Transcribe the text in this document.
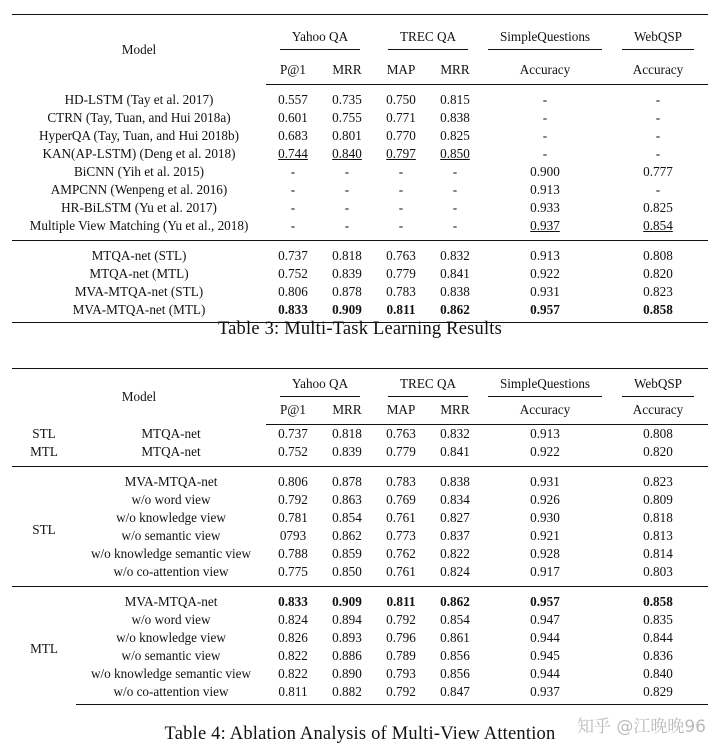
Model	Yahoo QA		TREC QA		SimpleQuestions	WebQSP
	P@1	MRR	MAP	MRR	Accuracy	Accuracy
HD-LSTM (Tay et al. 2017)	0.557	0.735	0.750	0.815	-	-
CTRN (Tay, Tuan, and Hui 2018a)	0.601	0.755	0.771	0.838	-	-
HyperQA (Tay, Tuan, and Hui 2018b)	0.683	0.801	0.770	0.825	-	-
KAN(AP-LSTM) (Deng et al. 2018)	0.744	0.840	0.797	0.850	-	-
BiCNN (Yih et al. 2015)	-	-	-	-	0.900	0.777
AMPCNN (Wenpeng et al. 2016)	-	-	-	-	0.913	-
HR-BiLSTM (Yu et al. 2017)	-	-	-	-	0.933	0.825
Multiple View Matching (Yu et al., 2018)	-	-	-	-	0.937	0.854
MTQA-net (STL)	0.737	0.818	0.763	0.832	0.913	0.808
MTQA-net (MTL)	0.752	0.839	0.779	0.841	0.922	0.820
MVA-MTQA-net (STL)	0.806	0.878	0.783	0.838	0.931	0.823
MVA-MTQA-net (MTL)	0.833	0.909	0.811	0.862	0.957	0.858
Table 3: Multi-Task Learning Results
Model		Yahoo QA		TREC QA		SimpleQuestions	WebQSP
		P@1	MRR	MAP	MRR	Accuracy	Accuracy
STL	MTQA-net	0.737	0.818	0.763	0.832	0.913	0.808
MTL	MTQA-net	0.752	0.839	0.779	0.841	0.922	0.820
STL	MVA-MTQA-net	0.806	0.878	0.783	0.838	0.931	0.823
	w/o word view	0.792	0.863	0.769	0.834	0.926	0.809
	w/o knowledge view	0.781	0.854	0.761	0.827	0.930	0.818
	w/o semantic view	0793	0.862	0.773	0.837	0.921	0.813
	w/o knowledge semantic view	0.788	0.859	0.762	0.822	0.928	0.814
	w/o co-attention view	0.775	0.850	0.761	0.824	0.917	0.803
MTL	MVA-MTQA-net	0.833	0.909	0.811	0.862	0.957	0.858
	w/o word view	0.824	0.894	0.792	0.854	0.947	0.835
	w/o knowledge view	0.826	0.893	0.796	0.861	0.944	0.844
	w/o semantic view	0.822	0.886	0.789	0.856	0.945	0.836
	w/o knowledge semantic view	0.822	0.890	0.793	0.856	0.944	0.840
	w/o co-attention view	0.811	0.882	0.792	0.847	0.937	0.829
Table 4: Ablation Analysis of Multi-View Attention	知乎 @江晚晚96
